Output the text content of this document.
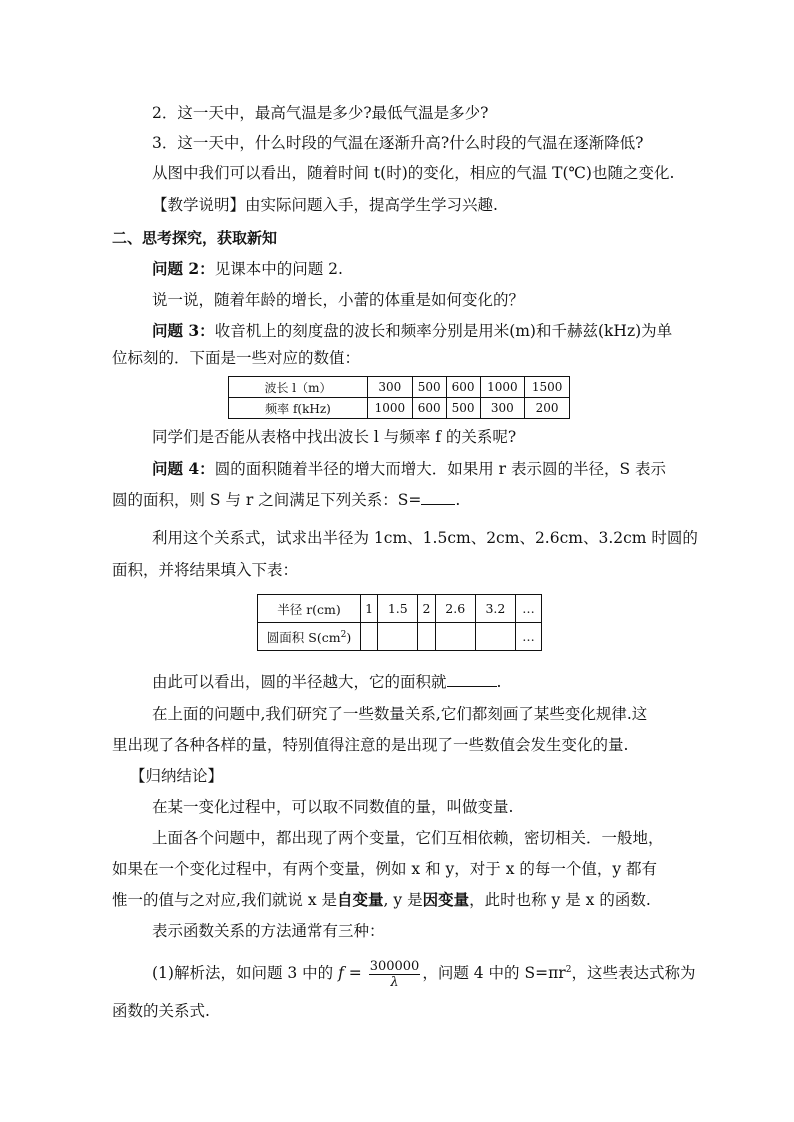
2．这一天中，最高气温是多少?最低气温是多少?
3．这一天中，什么时段的气温在逐渐升高?什么时段的气温在逐渐降低?
从图中我们可以看出，随着时间 t(时)的变化，相应的气温 T(℃)也随之变化.
【教学说明】由实际问题入手，提高学生学习兴趣.
二、思考探究，获取新知
问题 2：见课本中的问题 2.
说一说，随着年龄的增长，小蕾的体重是如何变化的？
问题 3：收音机上的刻度盘的波长和频率分别是用米(m)和千赫兹(kHz)为单
位标刻的．下面是一些对应的数值：
波长 l（m）	300	500	600	1000	1500
频率 f(kHz)	1000	600	500	300	200
同学们是否能从表格中找出波长 l 与频率 f 的关系呢?
问题 4：圆的面积随着半径的增大而增大．如果用 r 表示圆的半径，S 表示
圆的面积，则 S 与 r 之间满足下列关系：S= .
利用这个关系式，试求出半径为 1cm、1.5cm、2cm、2.6cm、3.2cm 时圆的
面积，并将结果填入下表：
半径 r(cm)	1	1.5	2	2.6	3.2	…
圆面积 $S(cm^2)$						…
由此可以看出，圆的半径越大，它的面积就	.
在上面的问题中,我们研究了一些数量关系,它们都刻画了某些变化规律.这
里出现了各种各样的量，特别值得注意的是出现了一些数值会发生变化的量.
【归纳结论】
在某一变化过程中，可以取不同数值的量，叫做变量.
上面各个问题中，都出现了两个变量，它们互相依赖，密切相关．一般地，
如果在一个变化过程中，有两个变量，例如 x 和 y，对于 x 的每一个值，y 都有
惟一的值与之对应,我们就说 x 是自变量, y 是因变量，此时也称 y 是 x 的函数.
表示函数关系的方法通常有三种：
(1)解析法，如问题 3 中的 $f = \frac{300000}{\lambda}$ ，问题 4 中的 $S=\pi r^2$，这些表达式称为
函数的关系式.
